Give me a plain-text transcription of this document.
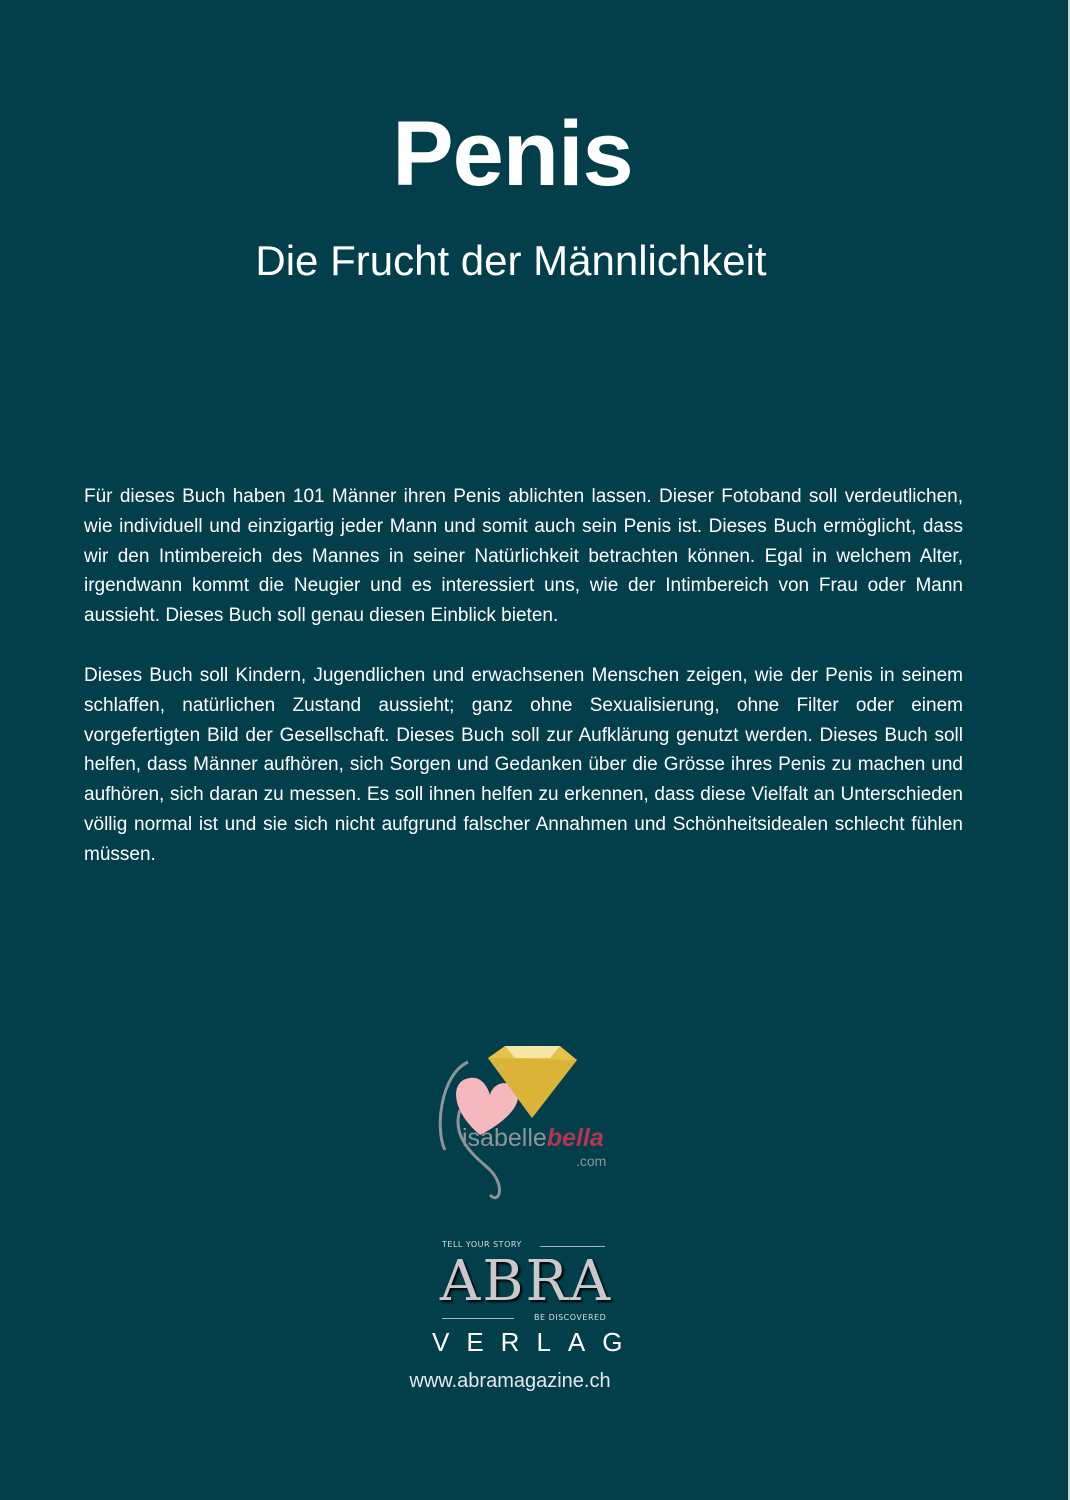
Penis
Die Frucht der Männlichkeit

Für dieses Buch haben 101 Männer ihren Penis ablichten lassen. Dieser Fotoband soll verdeutlichen, wie individuell und einzigartig jeder Mann und somit auch sein Penis ist. Dieses Buch ermöglicht, dass wir den Intimbereich des Mannes in seiner Natürlichkeit betrachten können. Egal in welchem Alter, irgendwann kommt die Neugier und es interessiert uns, wie der Intimbereich von Frau oder Mann aussieht. Dieses Buch soll genau diesen Einblick bieten.

Dieses Buch soll Kindern, Jugendlichen und erwachsenen Menschen zeigen, wie der Penis in seinem schlaffen, natürlichen Zustand aussieht; ganz ohne Sexualisierung, ohne Filter oder einem vorgefertigten Bild der Gesellschaft. Dieses Buch soll zur Aufklärung genutzt werden. Dieses Buch soll helfen, dass Männer aufhören, sich Sorgen und Gedanken über die Grösse ihres Penis zu machen und aufhören, sich daran zu messen. Es soll ihnen helfen zu erkennen, dass diese Vielfalt an Unterschieden völlig normal ist und sie sich nicht aufgrund falscher Annahmen und Schönheitsidealen schlecht fühlen müssen.

isabellebella
.com
TELL YOUR STORY
ABRA
BE DISCOVERED
VERLAG
www.abramagazine.ch
